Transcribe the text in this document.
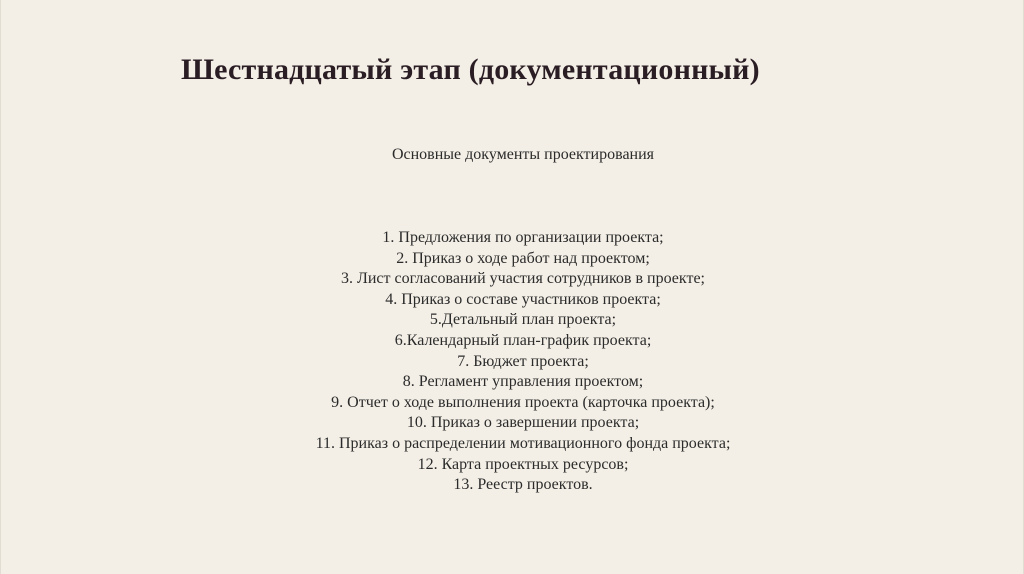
Шестнадцатый этап (документационный)

Основные документы проектирования

1. Предложения по организации проекта;
2. Приказ о ходе работ над проектом;
3. Лист согласований участия сотрудников в проекте;
4. Приказ о составе участников проекта;
5.Детальный план проекта;
6.Календарный план-график проекта;
7. Бюджет проекта;
8. Регламент управления проектом;
9. Отчет о ходе выполнения проекта (карточка проекта);
10. Приказ о завершении проекта;
11. Приказ о распределении мотивационного фонда проекта;
12. Карта проектных ресурсов;
13. Реестр проектов.
